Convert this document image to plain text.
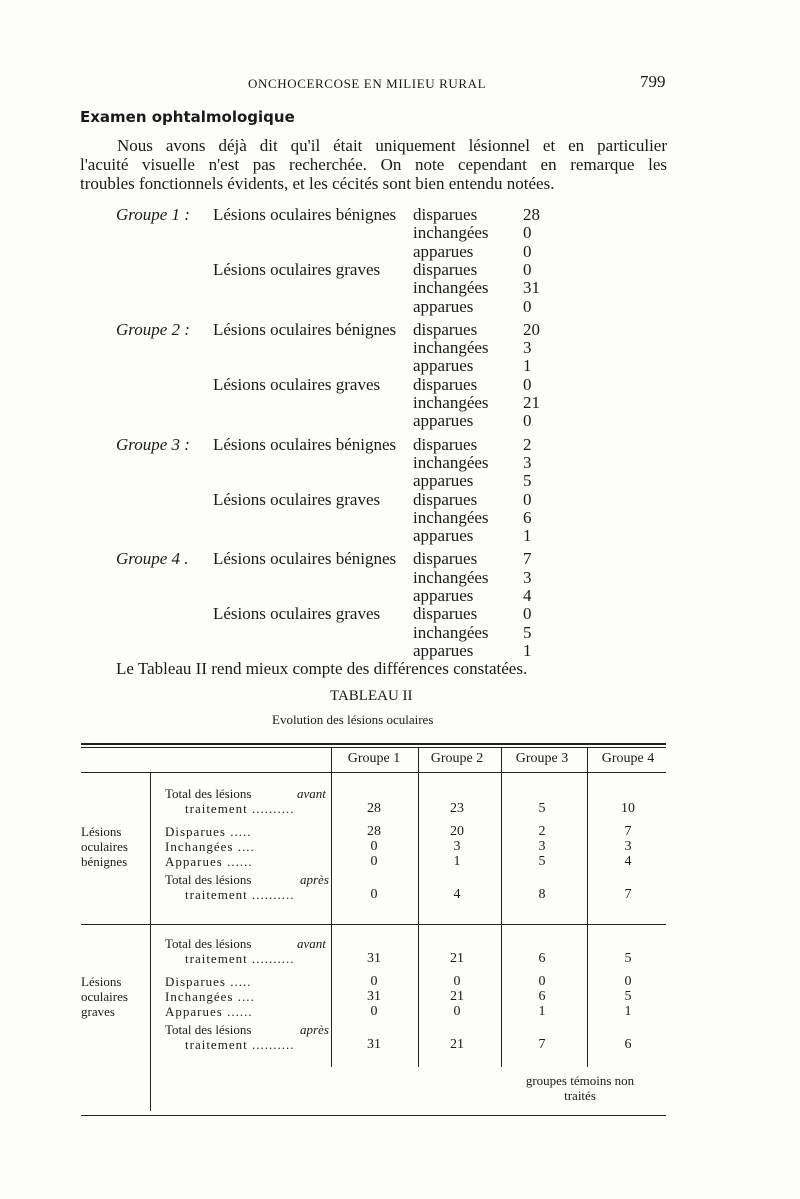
ONCHOCERCOSE EN MILIEU RURAL	799
Examen ophtalmologique
Nous avons déjà dit qu'il était uniquement lésionnel et en particulier
l'acuité visuelle n'est pas recherchée. On note cependant en remarque les
troubles fonctionnels évidents, et les cécités sont bien entendu notées.
Groupe 1 : Lésions oculaires bénignes disparues	28
inchangées 0
apparues	0
Lésions oculaires graves disparues	0
inchangées 31
apparues	0
Groupe 2 : Lésions oculaires bénignes disparues	20
inchangées 3
apparues	1
Lésions oculaires graves disparues	0
inchangées 21
apparues	0
Groupe 3 : Lésions oculaires bénignes disparues	2
inchangées 3
apparues	5
Lésions oculaires graves disparues	0
inchangées 6
apparues	1
Groupe 4 . Lésions oculaires bénignes disparues	7
inchangées 3
apparues	4
Lésions oculaires graves disparues	0
inchangées 5
apparues	1
Le Tableau II rend mieux compte des différences constatées.
TABLEAU II
Evolution des lésions oculaires
Groupe 1	Groupe 2	Groupe 3	Groupe 4
Total des lésions	avant
traitement ..........	28	23	5	10
Disparues .....	28	20	2	7
Inchangées ....	0	3	3	3
Apparues ......	0	1	5	4
Lésions
oculaires
bénignes
Total des lésions	après
traitement ..........	0	4	8	7
Total des lésions	avant
traitement ..........	31	21	6	5
Disparues .....	0	0	0	0
Inchangées ....	31	21	6	5
Apparues ......	0	0	1	1
Lésions
oculaires
graves
Total des lésions	après
traitement ..........	31	21	7	6
groupes témoins non
traités
